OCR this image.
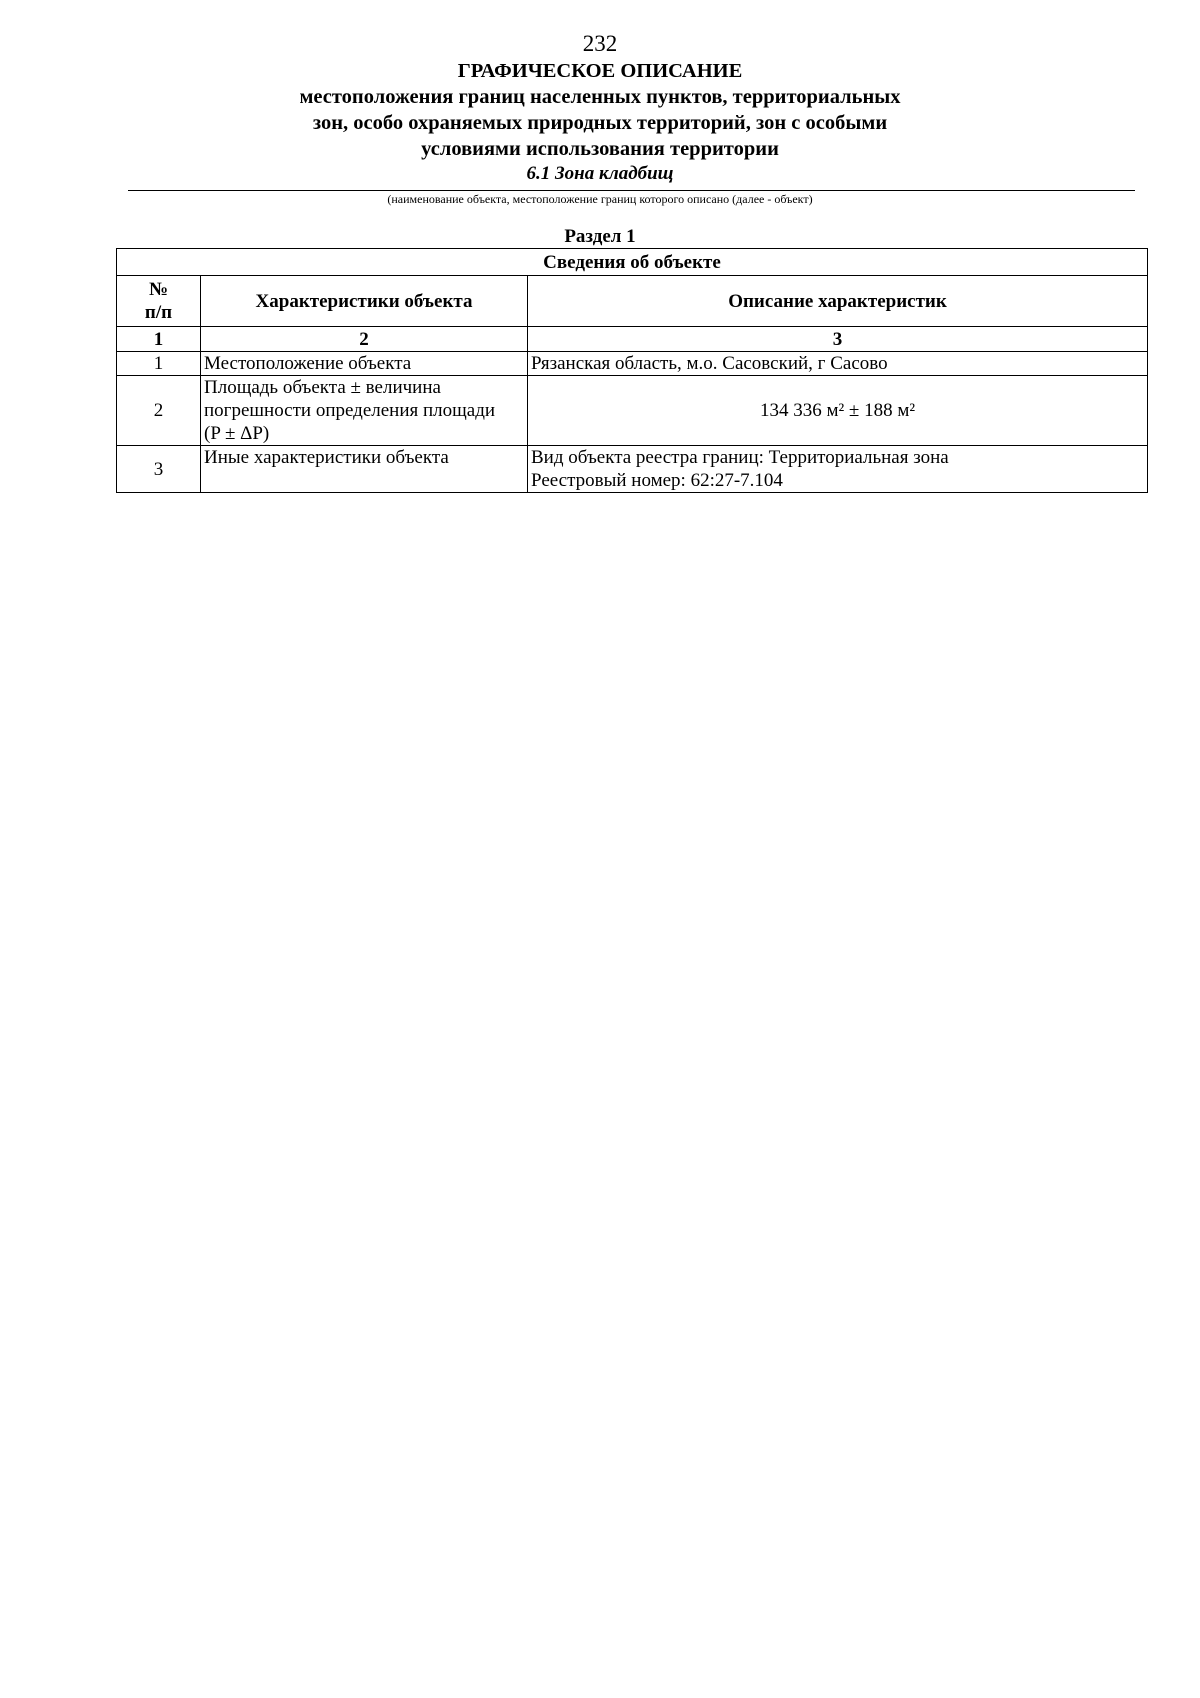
232
ГРАФИЧЕСКОЕ ОПИСАНИЕ
местоположения границ населенных пунктов, территориальных
зон, особо охраняемых природных территорий, зон с особыми
условиями использования территории
6.1 Зона кладбищ
(наименование объекта, местоположение границ которого описано (далее - объект)
Раздел 1
Сведения об объекте		

№
п/п	Характеристики объекта	Описание характеристик
1	2	3
1	Местоположение объекта	Рязанская область, м.о. Сасовский, г Сасово

2	Площадь объекта ± величина
погрешности определения площади
(P ± ΔP)	134 336 м² ± 188 м²

3	Иные характеристики объекта	Вид объекта реестра границ: Территориальная зона
Реестровый номер: 62:27-7.104
